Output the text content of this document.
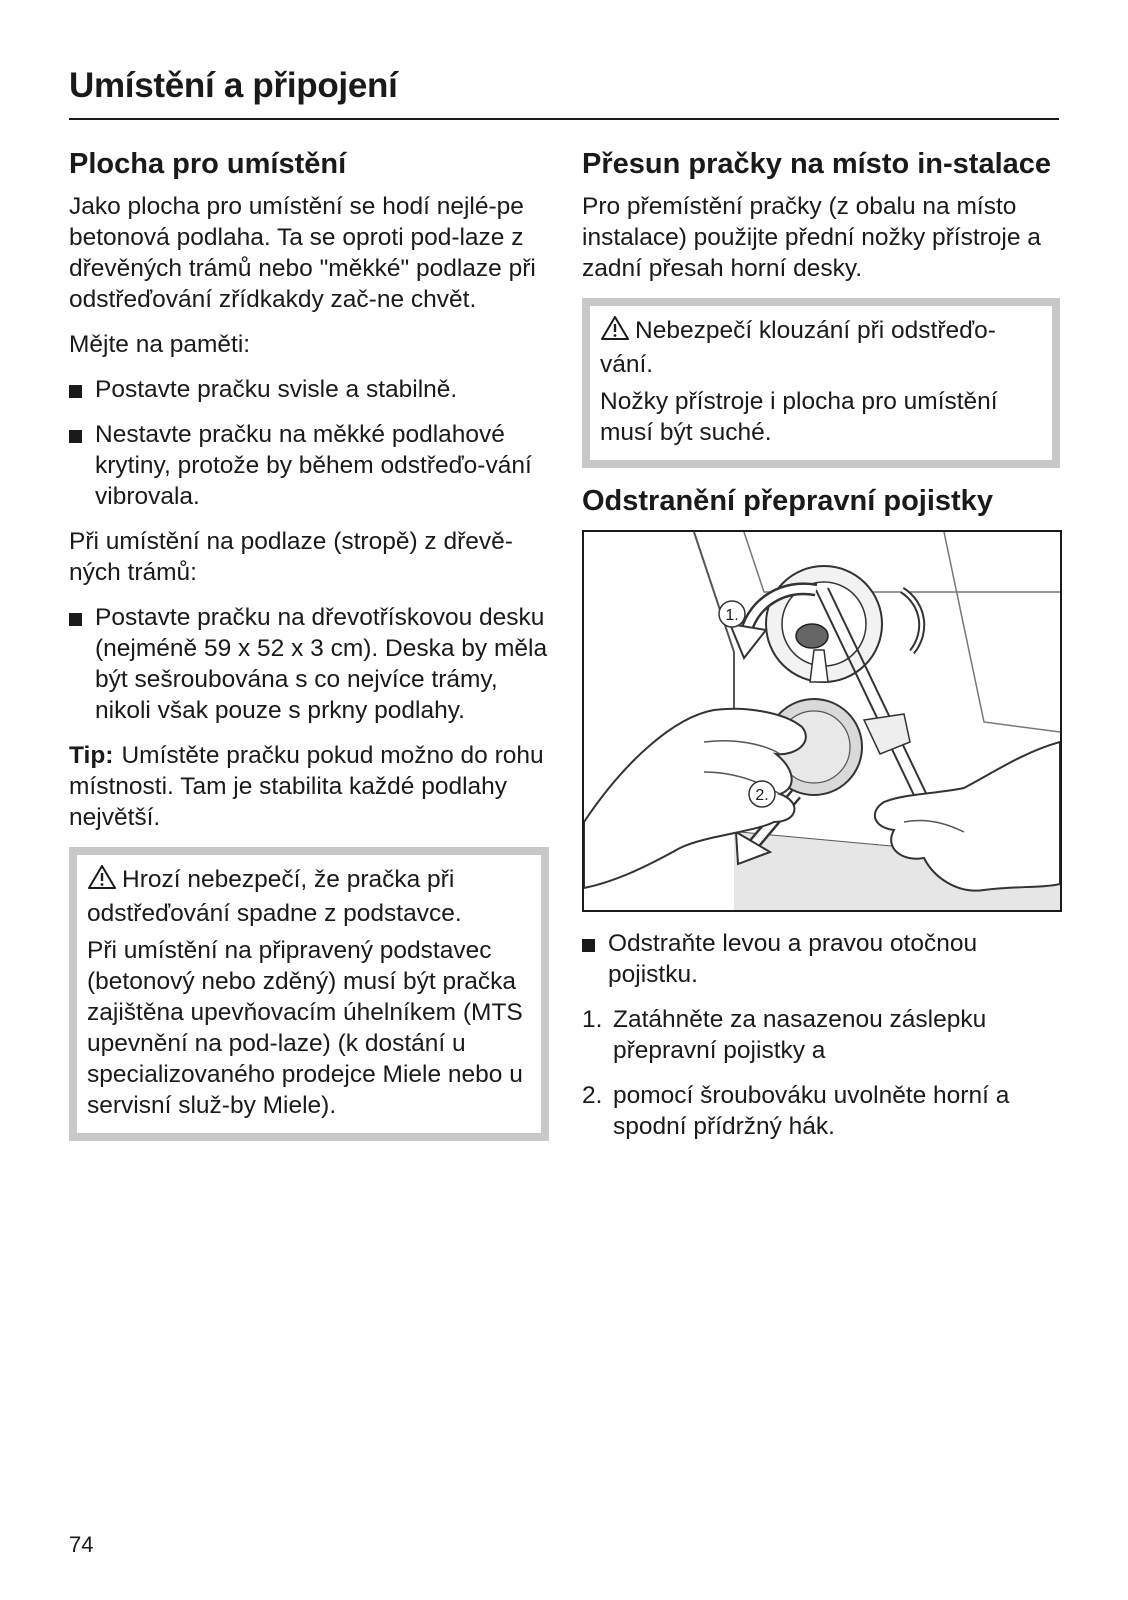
Umístění a připojení
Plocha pro umístění

Jako plocha pro umístění se hodí nejlé-pe betonová podlaha. Ta se oproti pod-laze z dřevěných trámů nebo "měkké" podlaze při odstřeďování zřídkakdy zač-ne chvět.

Mějte na paměti:

Postavte pračku svisle a stabilně.
Nestavte pračku na měkké podlahové krytiny, protože by během odstřeďo-vání vibrovala.

Při umístění na podlaze (stropě) z dřevě-ných trámů:

Postavte pračku na dřevotřískovou desku (nejméně 59 x 52 x 3 cm). Deska by měla být sešroubována s co nejvíce trámy, nikoli však pouze s prkny podlahy.

Tip: Umístěte pračku pokud možno do rohu místnosti. Tam je stabilita každé podlahy největší.

Hrozí nebezpečí, že pračka při odstřeďování spadne z podstavce.

Při umístění na připravený podstavec (betonový nebo zděný) musí být pračka zajištěna upevňovacím úhelníkem (MTS upevnění na pod-laze) (k dostání u specializovaného prodejce Miele nebo u servisní služ-by Miele).

Přesun pračky na místo in-stalace

Pro přemístění pračky (z obalu na místo instalace) použijte přední nožky přístroje a zadní přesah horní desky.

Nebezpečí klouzání při odstřeďo-vání.

Nožky přístroje i plocha pro umístění musí být suché.

Odstranění přepravní pojistky
1.
2.
Odstraňte levou a pravou otočnou pojistku.
1. Zatáhněte za nasazenou záslepku přepravní pojistky a
2. pomocí šroubováku uvolněte horní a spodní přídržný hák.
74
